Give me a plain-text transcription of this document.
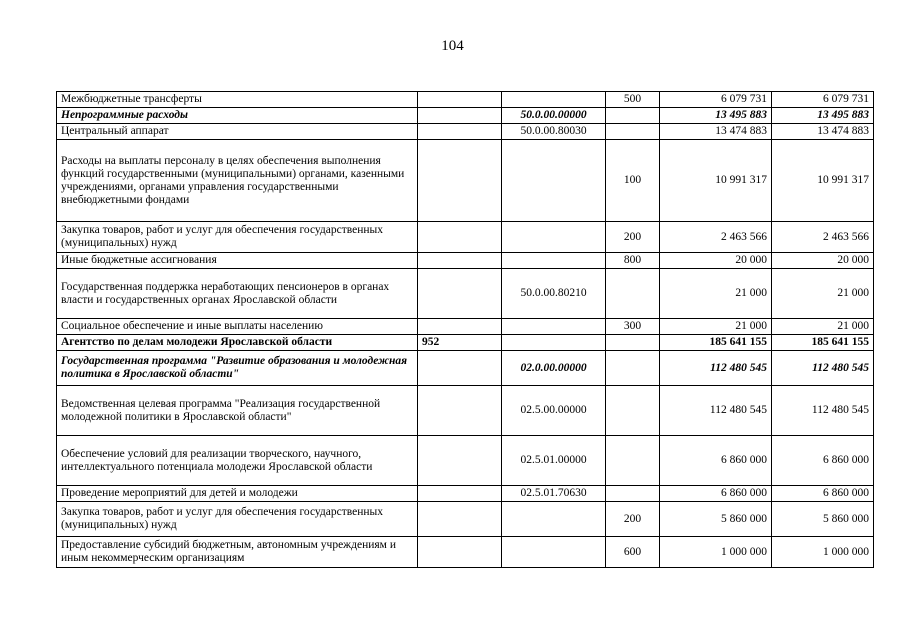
104
Межбюджетные трансферты			500	6 079 731	6 079 731
Непрограммные расходы		50.0.00.00000		13 495 883	13 495 883
Центральный аппарат		50.0.00.80030		13 474 883	13 474 883
Расходы на выплаты персоналу в целях обеспечения выполнения функций государственными (муниципальными) органами, казенными учреждениями, органами управления государственными внебюджетными фондами			100	10 991 317	10 991 317
Закупка товаров, работ и услуг для обеспечения государственных (муниципальных) нужд			200	2 463 566	2 463 566
Иные бюджетные ассигнования			800	20 000	20 000
Государственная поддержка неработающих пенсионеров в органах власти и государственных органах Ярославской области		50.0.00.80210		21 000	21 000
Социальное обеспечение и иные выплаты населению			300	21 000	21 000
Агентство по делам молодежи Ярославской области	952			185 641 155	185 641 155
Государственная программа "Развитие образования и молодежная политика в Ярославской области"		02.0.00.00000		112 480 545	112 480 545
Ведомственная целевая программа "Реализация государственной молодежной политики в Ярославской области"		02.5.00.00000		112 480 545	112 480 545
Обеспечение условий для реализации творческого, научного, интеллектуального потенциала молодежи Ярославской области		02.5.01.00000		6 860 000	6 860 000
Проведение мероприятий для детей и молодежи		02.5.01.70630		6 860 000	6 860 000
Закупка товаров, работ и услуг для обеспечения государственных (муниципальных) нужд			200	5 860 000	5 860 000
Предоставление субсидий бюджетным, автономным учреждениям и иным некоммерческим организациям			600	1 000 000	1 000 000
